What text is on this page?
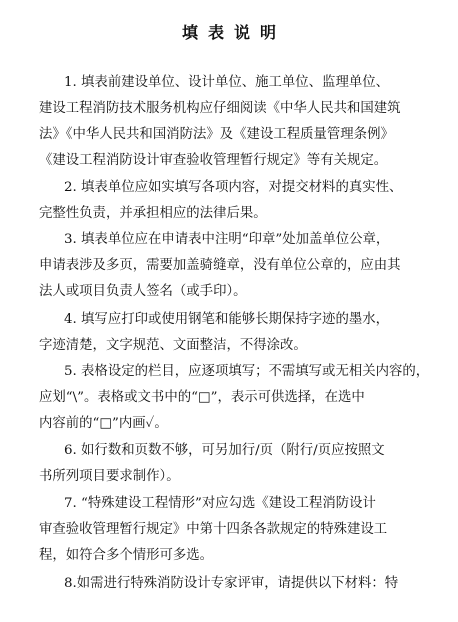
填表说明
1. 填表前建设单位、设计单位、施工单位、监理单位、
建设工程消防技术服务机构应仔细阅读《中华人民共和国建筑
法》《中华人民共和国消防法》及《建设工程质量管理条例》
《建设工程消防设计审查验收管理暂行规定》等有关规定。
2. 填表单位应如实填写各项内容，对提交材料的真实性、
完整性负责，并承担相应的法律后果。
3. 填表单位应在申请表中注明“印章”处加盖单位公章，
申请表涉及多页，需要加盖骑缝章，没有单位公章的，应由其
法人或项目负责人签名（或手印）。
4. 填写应打印或使用钢笔和能够长期保持字迹的墨水，
字迹清楚，文字规范、文面整洁，不得涂改。
5. 表格设定的栏目，应逐项填写；不需填写或无相关内容的，
应划“\”。表格或文书中的“□”，表示可供选择，在选中
内容前的“□”内画✓。
6. 如行数和页数不够，可另加行/页（附行/页应按照文
书所列项目要求制作）。
7. “特殊建设工程情形”对应勾选《建设工程消防设计
审查验收管理暂行规定》中第十四条各款规定的特殊建设工
程，如符合多个情形可多选。
8.如需进行特殊消防设计专家评审，请提供以下材料：特
